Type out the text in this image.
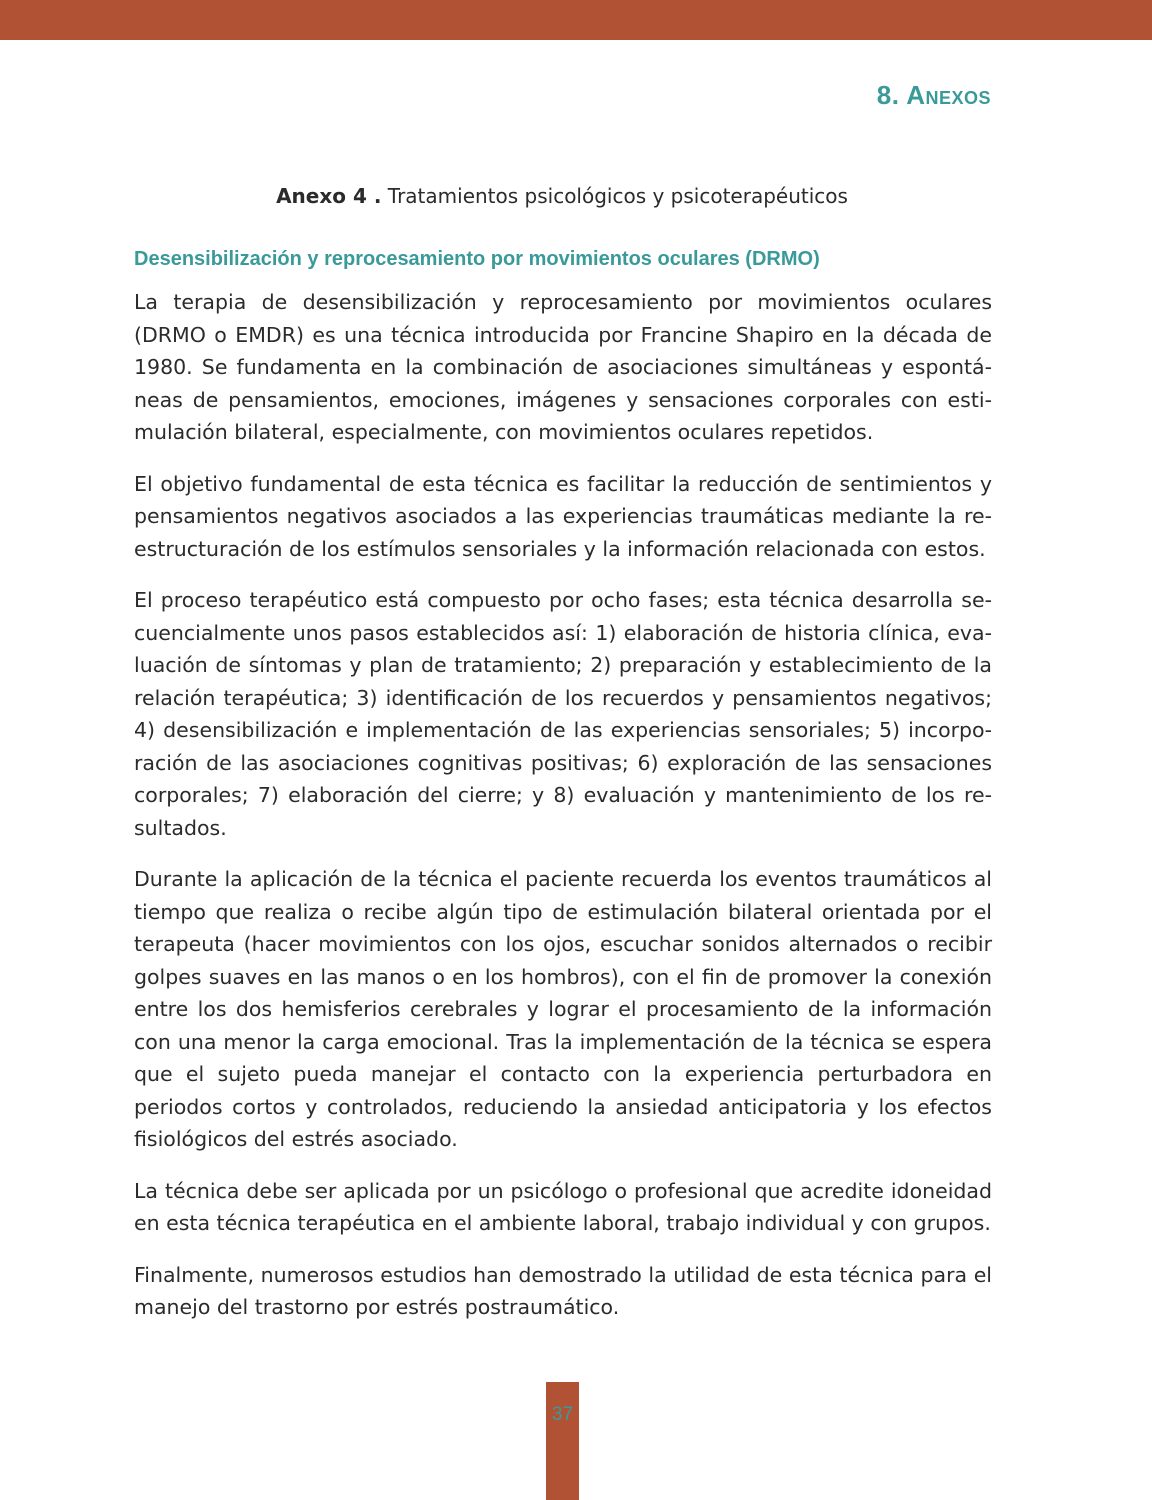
8. Anexos
Anexo 4 . Tratamientos psicológicos y psicoterapéuticos
Desensibilización y reprocesamiento por movimientos oculares (DRMO)

La terapia de desensibilización y reprocesamiento por movimientos oculares (DRMO o EMDR) es una técnica introducida por Francine Shapiro en la década de 1980. Se fundamenta en la combinación de asociaciones simultáneas y espontáneas de pensamientos, emociones, imágenes y sensaciones corporales con estimulación bilateral, especialmente, con movimientos oculares repetidos.

El objetivo fundamental de esta técnica es facilitar la reducción de sentimientos y pensamientos negativos asociados a las experiencias traumáticas mediante la reestructuración de los estímulos sensoriales y la información relacionada con estos.

El proceso terapéutico está compuesto por ocho fases; esta técnica desarrolla secuencialmente unos pasos establecidos así: 1) elaboración de historia clínica, evaluación de síntomas y plan de tratamiento; 2) preparación y establecimiento de la relación terapéutica; 3) identificación de los recuerdos y pensamientos negativos; 4) desensibilización e implementación de las experiencias sensoriales; 5) incorporación de las asociaciones cognitivas positivas; 6) exploración de las sensaciones corporales; 7) elaboración del cierre; y 8) evaluación y mantenimiento de los resultados.

Durante la aplicación de la técnica el paciente recuerda los eventos traumáticos al tiempo que realiza o recibe algún tipo de estimulación bilateral orientada por el terapeuta (hacer movimientos con los ojos, escuchar sonidos alternados o recibir golpes suaves en las manos o en los hombros), con el fin de promover la conexión entre los dos hemisferios cerebrales y lograr el procesamiento de la información con una menor la carga emocional. Tras la implementación de la técnica se espera que el sujeto pueda manejar el contacto con la experiencia perturbadora en periodos cortos y controlados, reduciendo la ansiedad anticipatoria y los efectos fisiológicos del estrés asociado.

La técnica debe ser aplicada por un psicólogo o profesional que acredite idoneidad en esta técnica terapéutica en el ambiente laboral, trabajo individual y con grupos.

Finalmente, numerosos estudios han demostrado la utilidad de esta técnica para el manejo del trastorno por estrés postraumático.

37
